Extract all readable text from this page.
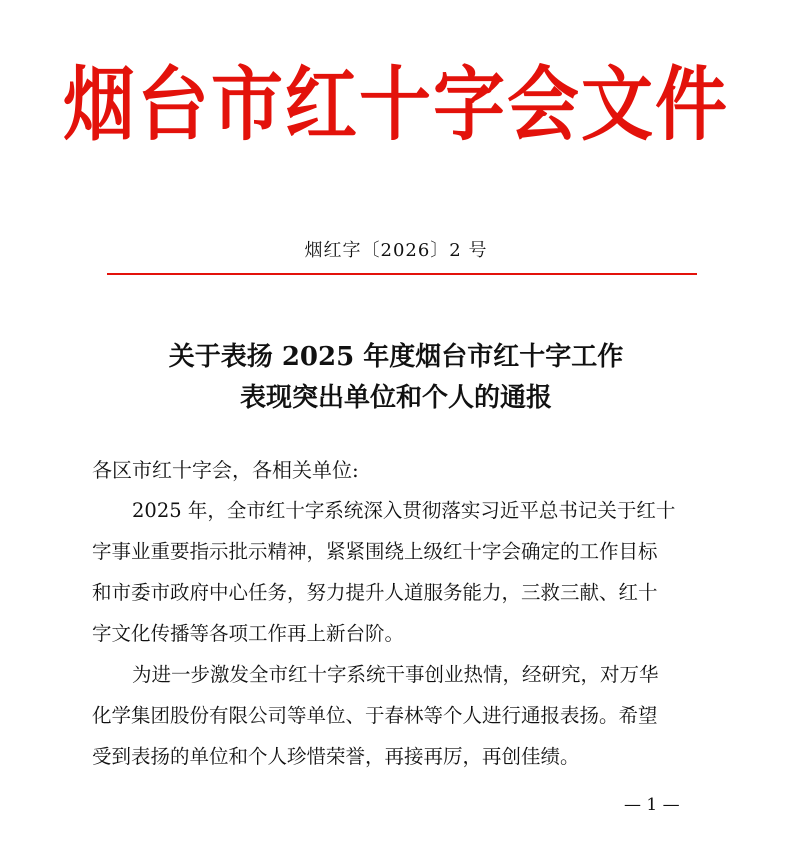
烟台市红十字会文件
烟红字〔2026〕2 号
关于表扬 2025 年度烟台市红十字工作
表现突出单位和个人的通报
各区市红十字会，各相关单位:
2025 年，全市红十字系统深入贯彻落实习近平总书记关于红十
字事业重要指示批示精神，紧紧围绕上级红十字会确定的工作目标
和市委市政府中心任务，努力提升人道服务能力，三救三献、红十
字文化传播等各项工作再上新台阶。
为进一步激发全市红十字系统干事创业热情，经研究，对万华
化学集团股份有限公司等单位、于春林等个人进行通报表扬。希望
受到表扬的单位和个人珍惜荣誉，再接再厉，再创佳绩。
— 1 —
